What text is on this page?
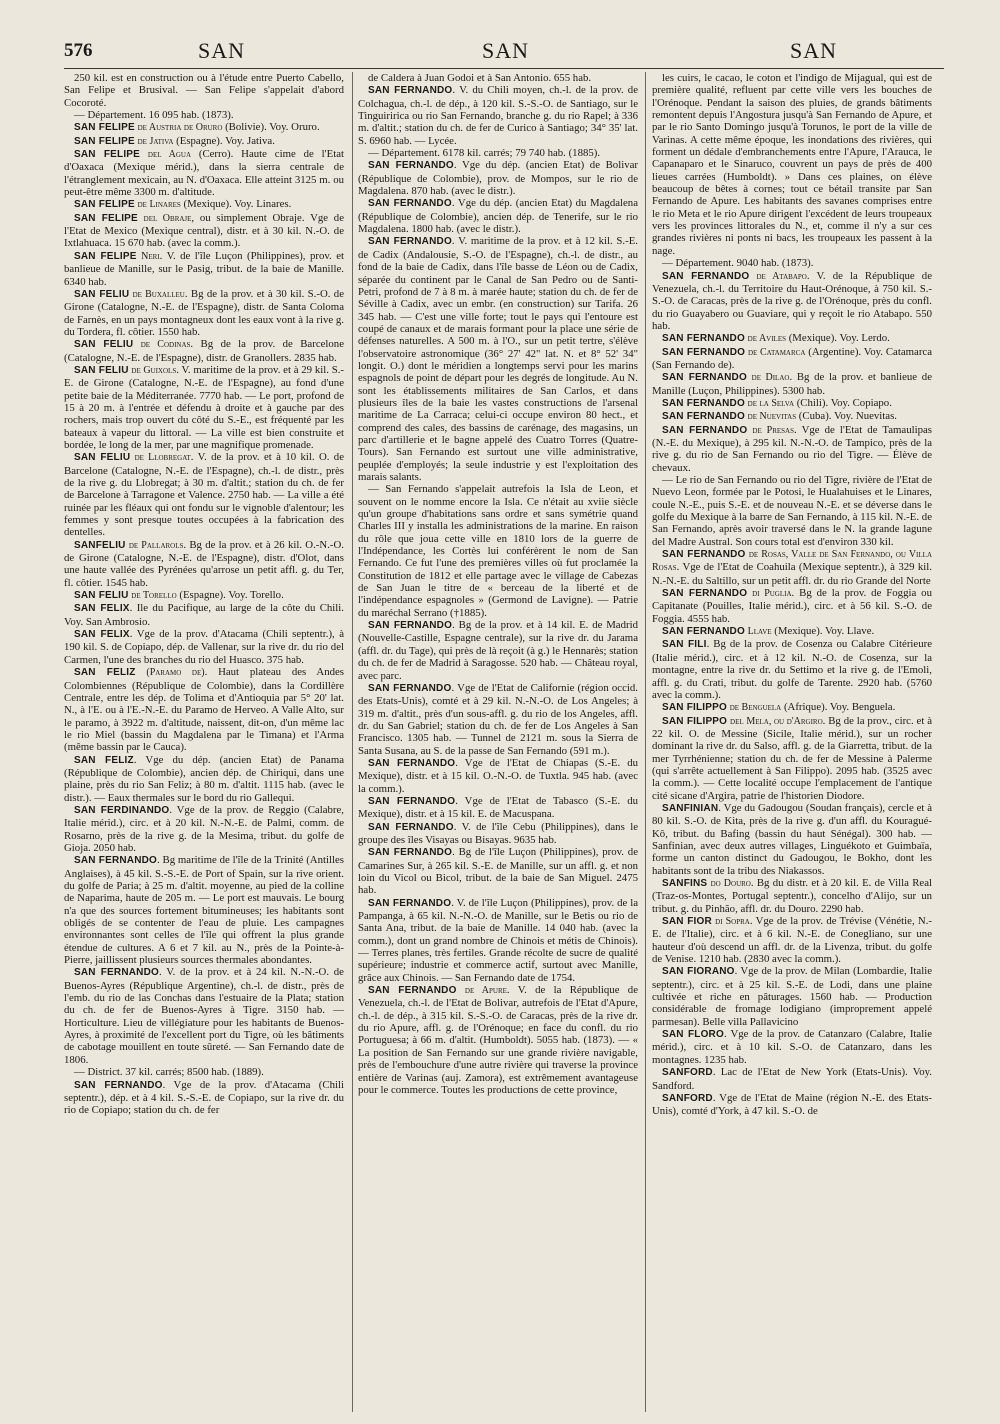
576	SAN	SAN	SAN

250 kil. est en construction ou à l'étude entre Puerto Cabello, San Felipe et Brusival. — San Felipe s'appelait d'abord Cocoroté.

— Département. 16 095 hab. (1873).

SAN FELIPE de Austria de Oruro (Bolivie). Voy. Oruro.

SAN FELIPE de Jativa (Espagne). Voy. Jativa.

SAN FELIPE del Agua (Cerro). Haute cime de l'Etat d'Oaxaca (Mexique mérid.), dans la sierra centrale de l'étranglement mexicain, au N. d'Oaxaca. Elle atteint 3125 m. ou peut-être même 3300 m. d'altitude.

SAN FELIPE de Linares (Mexique). Voy. Linares.

SAN FELIPE del Obraje, ou simplement Obraje. Vge de l'Etat de Mexico (Mexique central), distr. et à 30 kil. N.-O. de Ixtlahuaca. 15 670 hab. (avec la comm.).

SAN FELIPE Neri. V. de l'île Luçon (Philippines), prov. et banlieue de Manille, sur le Pasig, tribut. de la baie de Manille. 6340 hab.

SAN FELIU de Buxalleu. Bg de la prov. et à 30 kil. S.-O. de Girone (Catalogne, N.-E. de l'Espagne), distr. de Santa Coloma de Farnès, en un pays montagneux dont les eaux vont à la rive g. du Tordera, fl. côtier. 1550 hab.

SAN FELIU de Codinas. Bg de la prov. de Barcelone (Catalogne, N.-E. de l'Espagne), distr. de Granollers. 2835 hab.

SAN FELIU de Guixols. V. maritime de la prov. et à 29 kil. S.-E. de Girone (Catalogne, N.-E. de l'Espagne), au fond d'une petite baie de la Méditerranée. 7770 hab. — Le port, profond de 15 à 20 m. à l'entrée et défendu à droite et à gauche par des rochers, mais trop ouvert du côté du S.-E., est fréquenté par les bateaux à vapeur du littoral. — La ville est bien construite et bordée, le long de la mer, par une magnifique promenade.

SAN FELIU de Llobregat. V. de la prov. et à 10 kil. O. de Barcelone (Catalogne, N.-E. de l'Espagne), ch.-l. de distr., près de la rive g. du Llobregat; à 30 m. d'altit.; station du ch. de fer de Barcelone à Tarragone et Valence. 2750 hab. — La ville a été ruinée par les fléaux qui ont fondu sur le vignoble d'alentour; les femmes y sont presque toutes occupées à la fabrication des dentelles.

SANFELIU de Pallarols. Bg de la prov. et à 26 kil. O.-N.-O. de Girone (Catalogne, N.-E. de l'Espagne), distr. d'Olot, dans une haute vallée des Pyrénées qu'arrose un petit affl. g. du Ter, fl. côtier. 1545 hab.

SAN FELIU de Torello (Espagne). Voy. Torello.

SAN FELIX. Ile du Pacifique, au large de la côte du Chili. Voy. San Ambrosio.

SAN FELIX. Vge de la prov. d'Atacama (Chili septentr.), à 190 kil. S. de Copiapo, dép. de Vallenar, sur la rive dr. du rio del Carmen, l'une des branches du rio del Huasco. 375 hab.

SAN FELIZ (Paramo de). Haut plateau des Andes Colombiennes (République de Colombie), dans la Cordillère Centrale, entre les dép. de Tolima et d'Antioquia par 5° 20' lat. N., à l'E. ou à l'E.-N.-E. du Paramo de Herveo. A Valle Alto, sur le paramo, à 3922 m. d'altitude, naissent, dit-on, d'un même lac le rio Miel (bassin du Magdalena par le Timana) et l'Arma (même bassin par le Cauca).

SAN FELIZ. Vge du dép. (ancien Etat) de Panama (République de Colombie), ancien dép. de Chiriqui, dans une plaine, près du rio San Feliz; à 80 m. d'altit. 1115 hab. (avec le distr.). — Eaux thermales sur le bord du rio Gallequi.

SAN FERDINANDO. Vge de la prov. de Reggio (Calabre, Italie mérid.), circ. et à 20 kil. N.-N.-E. de Palmi, comm. de Rosarno, près de la rive g. de la Mesima, tribut. du golfe de Gioja. 2050 hab.

SAN FERNANDO. Bg maritime de l'île de la Trinité (Antilles Anglaises), à 45 kil. S.-S.-E. de Port of Spain, sur la rive orient. du golfe de Paria; à 25 m. d'altit. moyenne, au pied de la colline de Naparima, haute de 205 m. — Le port est mauvais. Le bourg n'a que des sources fortement bitumineuses; les habitants sont obligés de se contenter de l'eau de pluie. Les campagnes environnantes sont celles de l'île qui offrent la plus grande étendue de cultures. A 6 et 7 kil. au N., près de la Pointe-à-Pierre, jaillissent plusieurs sources thermales abondantes.

SAN FERNANDO. V. de la prov. et à 24 kil. N.-N.-O. de Buenos-Ayres (République Argentine), ch.-l. de distr., près de l'emb. du rio de las Conchas dans l'estuaire de la Plata; station du ch. de fer de Buenos-Ayres à Tigre. 3150 hab. — Horticulture. Lieu de villégiature pour les habitants de Buenos-Ayres, à proximité de l'excellent port du Tigre, où les bâtiments de cabotage mouillent en toute sûreté. — San Fernando date de 1806.

— District. 37 kil. carrés; 8500 hab. (1889).

SAN FERNANDO. Vge de la prov. d'Atacama (Chili septentr.), dép. et à 4 kil. S.-S.-E. de Copiapo, sur la rive dr. du rio de Copiapo; station du ch. de fer

de Caldera à Juan Godoi et à San Antonio. 655 hab.

SAN FERNANDO. V. du Chili moyen, ch.-l. de la prov. de Colchagua, ch.-l. de dép., à 120 kil. S.-S.-O. de Santiago, sur le Tinguiririca ou rio San Fernando, branche g. du rio Rapel; à 336 m. d'altit.; station du ch. de fer de Curico à Santiago; 34° 35' lat. S. 6960 hab. — Lycée.

— Département. 6178 kil. carrés; 79 740 hab. (1885).

SAN FERNANDO. Vge du dép. (ancien Etat) de Bolivar (République de Colombie), prov. de Mompos, sur le rio de Magdalena. 870 hab. (avec le distr.).

SAN FERNANDO. Vge du dép. (ancien Etat) du Magdalena (République de Colombie), ancien dép. de Tenerife, sur le rio Magdalena. 1800 hab. (avec le distr.).

SAN FERNANDO. V. maritime de la prov. et à 12 kil. S.-E. de Cadix (Andalousie, S.-O. de l'Espagne), ch.-l. de distr., au fond de la baie de Cadix, dans l'île basse de Léon ou de Cadix, séparée du continent par le Canal de San Pedro ou de Santi-Petri, profond de 7 à 8 m. à marée haute; station du ch. de fer de Séville à Cadix, avec un embr. (en construction) sur Tarifa. 26 345 hab. — C'est une ville forte; tout le pays qui l'entoure est coupé de canaux et de marais formant pour la place une série de défenses naturelles. A 500 m. à l'O., sur un petit tertre, s'élève l'observatoire astronomique (36° 27' 42" lat. N. et 8° 52' 34" longit. O.) dont le méridien a longtemps servi pour les marins espagnols de point de départ pour les degrés de longitude. Au N. sont les établissements militaires de San Carlos, et dans plusieurs îles de la baie les vastes constructions de l'arsenal maritime de La Carraca; celui-ci occupe environ 80 hect., et comprend des cales, des bassins de carénage, des magasins, un parc d'artillerie et le bagne appelé des Cuatro Torres (Quatre-Tours). San Fernando est surtout une ville administrative, peuplée d'employés; la seule industrie y est l'exploitation des marais salants.

— San Fernando s'appelait autrefois la Isla de Leon, et souvent on le nomme encore la Isla. Ce n'était au xviie siècle qu'un groupe d'habitations sans ordre et sans symétrie quand Charles III y installa les administrations de la marine. En raison du rôle que joua cette ville en 1810 lors de la guerre de l'Indépendance, les Cortès lui conférèrent le nom de San Fernando. Ce fut l'une des premières villes où fut proclamée la Constitution de 1812 et elle partage avec le village de Cabezas de San Juan le titre de « berceau de la liberté et de l'indépendance espagnoles » (Germond de Lavigne). — Patrie du maréchal Serrano (†1885).

SAN FERNANDO. Bg de la prov. et à 14 kil. E. de Madrid (Nouvelle-Castille, Espagne centrale), sur la rive dr. du Jarama (affl. dr. du Tage), qui près de là reçoit (à g.) le Hennarès; station du ch. de fer de Madrid à Saragosse. 520 hab. — Château royal, avec parc.

SAN FERNANDO. Vge de l'Etat de Californie (région occid. des Etats-Unis), comté et à 29 kil. N.-N.-O. de Los Angeles; à 319 m. d'altit., près d'un sous-affl. g. du rio de los Angeles, affl. dr. du San Gabriel; station du ch. de fer de Los Angeles à San Francisco. 1305 hab. — Tunnel de 2121 m. sous la Sierra de Santa Susana, au S. de la passe de San Fernando (591 m.).

SAN FERNANDO. Vge de l'Etat de Chiapas (S.-E. du Mexique), distr. et à 15 kil. O.-N.-O. de Tuxtla. 945 hab. (avec la comm.).

SAN FERNANDO. Vge de l'Etat de Tabasco (S.-E. du Mexique), distr. et à 15 kil. E. de Macuspana.

SAN FERNANDO. V. de l'île Cebu (Philippines), dans le groupe des îles Visayas ou Bisayas. 9635 hab.

SAN FERNANDO. Bg de l'île Luçon (Philippines), prov. de Camarines Sur, à 265 kil. S.-E. de Manille, sur un affl. g. et non loin du Vicol ou Bicol, tribut. de la baie de San Miguel. 2475 hab.

SAN FERNANDO. V. de l'île Luçon (Philippines), prov. de la Pampanga, à 65 kil. N.-N.-O. de Manille, sur le Betis ou rio de Santa Ana, tribut. de la baie de Manille. 14 040 hab. (avec la comm.), dont un grand nombre de Chinois et métis de Chinois). — Terres planes, très fertiles. Grande récolte de sucre de qualité supérieure; industrie et commerce actif, surtout avec Manille, grâce aux Chinois. — San Fernando date de 1754.

SAN FERNANDO de Apure. V. de la République de Venezuela, ch.-l. de l'Etat de Bolivar, autrefois de l'Etat d'Apure, ch.-l. de dép., à 315 kil. S.-S.-O. de Caracas, près de la rive dr. du rio Apure, affl. g. de l'Orénoque; en face du confl. du rio Portuguesa; à 66 m. d'altit. (Humboldt). 5055 hab. (1873). — « La position de San Fernando sur une grande rivière navigable, près de l'embouchure d'une autre rivière qui traverse la province entière de Varinas (auj. Zamora), est extrêmement avantageuse pour le commerce. Toutes les productions de cette province,

les cuirs, le cacao, le coton et l'indigo de Mijagual, qui est de première qualité, refluent par cette ville vers les bouches de l'Orénoque. Pendant la saison des pluies, de grands bâtiments remontent depuis l'Angostura jusqu'à San Fernando de Apure, et par le rio Santo Domingo jusqu'à Torunos, le port de la ville de Varinas. A cette même époque, les inondations des rivières, qui forment un dédale d'embranchements entre l'Apure, l'Arauca, le Capanaparo et le Sinaruco, couvrent un pays de près de 400 lieues carrées (Humboldt). » Dans ces plaines, on élève beaucoup de bêtes à cornes; tout ce bétail transite par San Fernando de Apure. Les habitants des savanes comprises entre le rio Meta et le rio Apure dirigent l'excédent de leurs troupeaux vers les provinces littorales du N., et, comme il n'y a sur ces grandes rivières ni ponts ni bacs, les troupeaux les passent à la nage.

— Département. 9040 hab. (1873).

SAN FERNANDO de Atabapo. V. de la République de Venezuela, ch.-l. du Territoire du Haut-Orénoque, à 750 kil. S.-S.-O. de Caracas, près de la rive g. de l'Orénoque, près du confl. du rio Guayabero ou Guaviare, qui y reçoit le rio Atabapo. 550 hab.

SAN FERNANDO de Aviles (Mexique). Voy. Lerdo.

SAN FERNANDO de Catamarca (Argentine). Voy. Catamarca (San Fernando de).

SAN FERNANDO de Dilao. Bg de la prov. et banlieue de Manille (Luçon, Philippines). 5300 hab.

SAN FERNANDO de la Selva (Chili). Voy. Copiapo.

SAN FERNANDO de Nuevitas (Cuba). Voy. Nuevitas.

SAN FERNANDO de Presas. Vge de l'Etat de Tamaulipas (N.-E. du Mexique), à 295 kil. N.-N.-O. de Tampico, près de la rive g. du rio de San Fernando ou rio del Tigre. — Élève de chevaux.

— Le rio de San Fernando ou rio del Tigre, rivière de l'Etat de Nuevo Leon, formée par le Potosi, le Hualahuises et le Linares, coule N.-E., puis S.-E. et de nouveau N.-E. et se déverse dans le golfe du Mexique à la barre de San Fernando, à 115 kil. N.-E. de San Fernando, après avoir traversé dans le N. la grande lagune del Madre Austral. Son cours total est d'environ 330 kil.

SAN FERNANDO de Rosas, Valle de San Fernando, ou Villa Rosas. Vge de l'Etat de Coahuila (Mexique septentr.), à 329 kil. N.-N.-E. du Saltillo, sur un petit affl. dr. du rio Grande del Norte

SAN FERNANDO di Puglia. Bg de la prov. de Foggia ou Capitanate (Pouilles, Italie mérid.), circ. et à 56 kil. S.-O. de Foggia. 4555 hab.

SAN FERNANDO Llave (Mexique). Voy. Llave.

SAN FILI. Bg de la prov. de Cosenza ou Calabre Citérieure (Italie mérid.), circ. et à 12 kil. N.-O. de Cosenza, sur la montagne, entre la rive dr. du Settimo et la rive g. de l'Emoli, affl. g. du Crati, tribut. du golfe de Tarente. 2920 hab. (5760 avec la comm.).

SAN FILIPPO de Benguela (Afrique). Voy. Benguela.

SAN FILIPPO del Mela, ou d'Argiro. Bg de la prov., circ. et à 22 kil. O. de Messine (Sicile, Italie mérid.), sur un rocher dominant la rive dr. du Salso, affl. g. de la Giarretta, tribut. de la mer Tyrrhénienne; station du ch. de fer de Messine à Palerme (qui s'arrête actuellement à San Filippo). 2095 hab. (3525 avec la comm.). — Cette localité occupe l'emplacement de l'antique cité sicane d'Argira, patrie de l'historien Diodore.

SANFINIAN. Vge du Gadougou (Soudan français), cercle et à 80 kil. S.-O. de Kita, près de la rive g. d'un affl. du Kouragué-Kô, tribut. du Bafing (bassin du haut Sénégal). 300 hab. — Sanfinian, avec deux autres villages, Linguékoto et Guimbaïa, forme un canton distinct du Gadougou, le Bokho, dont les habitants sont de la tribu des Niakassos.

SANFINS do Douro. Bg du distr. et à 20 kil. E. de Villa Real (Traz-os-Montes, Portugal septentr.), concelho d'Alijo, sur un tribut. g. du Pinhão, affl. dr. du Douro. 2290 hab.

SAN FIOR di Sopra. Vge de la prov. de Trévise (Vénétie, N.-E. de l'Italie), circ. et à 6 kil. N.-E. de Conegliano, sur une hauteur d'où descend un affl. dr. de la Livenza, tribut. du golfe de Venise. 1210 hab. (2830 avec la comm.).

SAN FIORANO. Vge de la prov. de Milan (Lombardie, Italie septentr.), circ. et à 25 kil. S.-E. de Lodi, dans une plaine cultivée et riche en pâturages. 1560 hab. — Production considérable de fromage lodigiano (improprement appelé parmesan). Belle villa Pallavicino

SAN FLORO. Vge de la prov. de Catanzaro (Calabre, Italie mérid.), circ. et à 10 kil. S.-O. de Catanzaro, dans les montagnes. 1235 hab.

SANFORD. Lac de l'Etat de New York (Etats-Unis). Voy. Sandford.

SANFORD. Vge de l'Etat de Maine (région N.-E. des Etats-Unis), comté d'York, à 47 kil. S.-O. de
